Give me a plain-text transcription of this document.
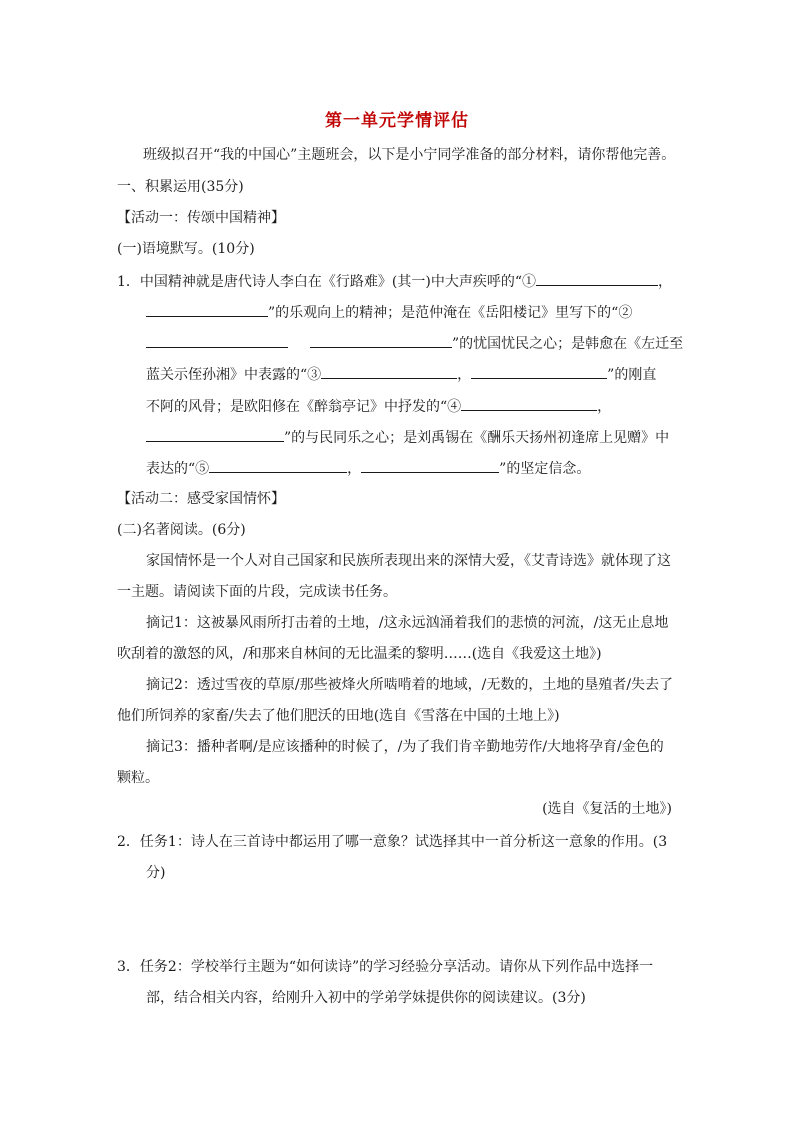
第一单元学情评估
班级拟召开“我的中国心”主题班会，以下是小宁同学准备的部分材料，请你帮他完善。
一、积累运用(35分)
【活动一：传颂中国精神】
(一)语境默写。(10分)
1．中国精神就是唐代诗人李白在《行路难》(其一)中大声疾呼的“①	，
”的乐观向上的精神；是范仲淹在《岳阳楼记》里写下的“②
”的忧国忧民之心；是韩愈在《左迁至
蓝关示侄孙湘》中表露的“③	，	”的刚直
不阿的风骨；是欧阳修在《醉翁亭记》中抒发的“④	，
”的与民同乐之心；是刘禹锡在《酬乐天扬州初逢席上见赠》中
表达的“⑤	，	”的坚定信念。
【活动二：感受家国情怀】
(二)名著阅读。(6分)
家国情怀是一个人对自己国家和民族所表现出来的深情大爱，《艾青诗选》就体现了这
一主题。请阅读下面的片段，完成读书任务。
摘记1：这被暴风雨所打击着的土地，/这永远汹涌着我们的悲愤的河流，/这无止息地
吹刮着的激怒的风，/和那来自林间的无比温柔的黎明……(选自《我爱这土地》)
摘记2：透过雪夜的草原/那些被烽火所啮啃着的地域，/无数的，土地的垦殖者/失去了
他们所饲养的家畜/失去了他们肥沃的田地(选自《雪落在中国的土地上》)
摘记3：播种者啊/是应该播种的时候了，/为了我们肯辛勤地劳作/大地将孕育/金色的
颗粒。
(选自《复活的土地》)
2．任务1：诗人在三首诗中都运用了哪一意象？试选择其中一首分析这一意象的作用。(3
分)
3．任务2：学校举行主题为“如何读诗”的学习经验分享活动。请你从下列作品中选择一
部，结合相关内容，给刚升入初中的学弟学妹提供你的阅读建议。(3分)
